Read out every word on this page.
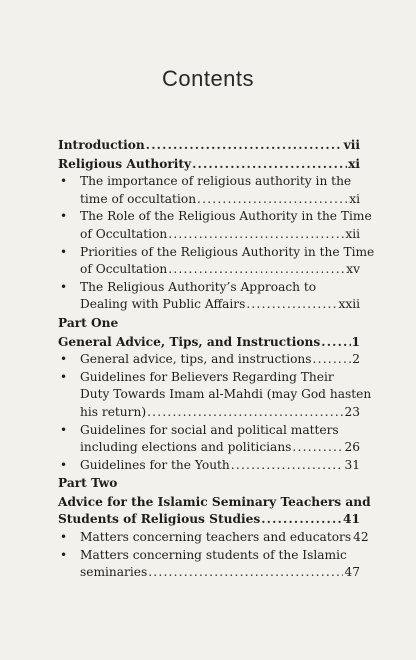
Contents
Introduction .....	vii
Religious Authority .....	xi
• The importance of religious authority in the
time of occultation .....	xi
• The Role of the Religious Authority in the Time
of Occultation .....	xii
• Priorities of the Religious Authority in the Time
of Occultation .....	xv
• The Religious Authority’s Approach to
Dealing with Public Affairs .....	xxii
Part One
General Advice, Tips, and Instructions .....	1
• General advice, tips, and instructions .....	2
• Guidelines for Believers Regarding Their
Duty Towards Imam al-Mahdi (may God hasten
his return) .....	23
• Guidelines for social and political matters
including elections and politicians .....	26
• Guidelines for the Youth .....	31
Part Two
Advice for the Islamic Seminary Teachers and
Students of Religious Studies .....	41
• Matters concerning teachers and educators 42
• Matters concerning students of the Islamic
seminaries .....	47
